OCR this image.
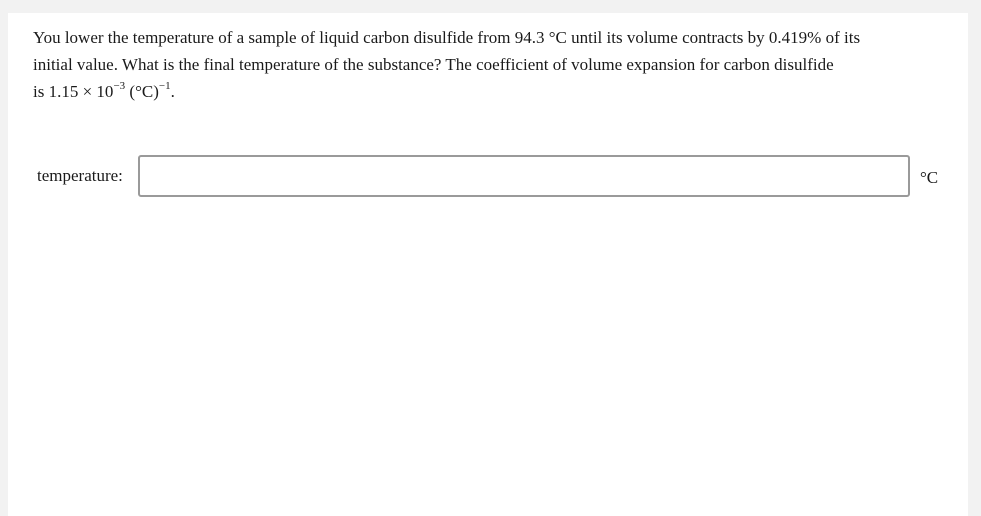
You lower the temperature of a sample of liquid carbon disulfide from 94.3 °C until its volume contracts by 0.419% of its
initial value. What is the final temperature of the substance? The coefficient of volume expansion for carbon disulfide
is $1.15 \times 10^{-3}$ $(^\circ C)^{-1}$.
temperature:	°C
